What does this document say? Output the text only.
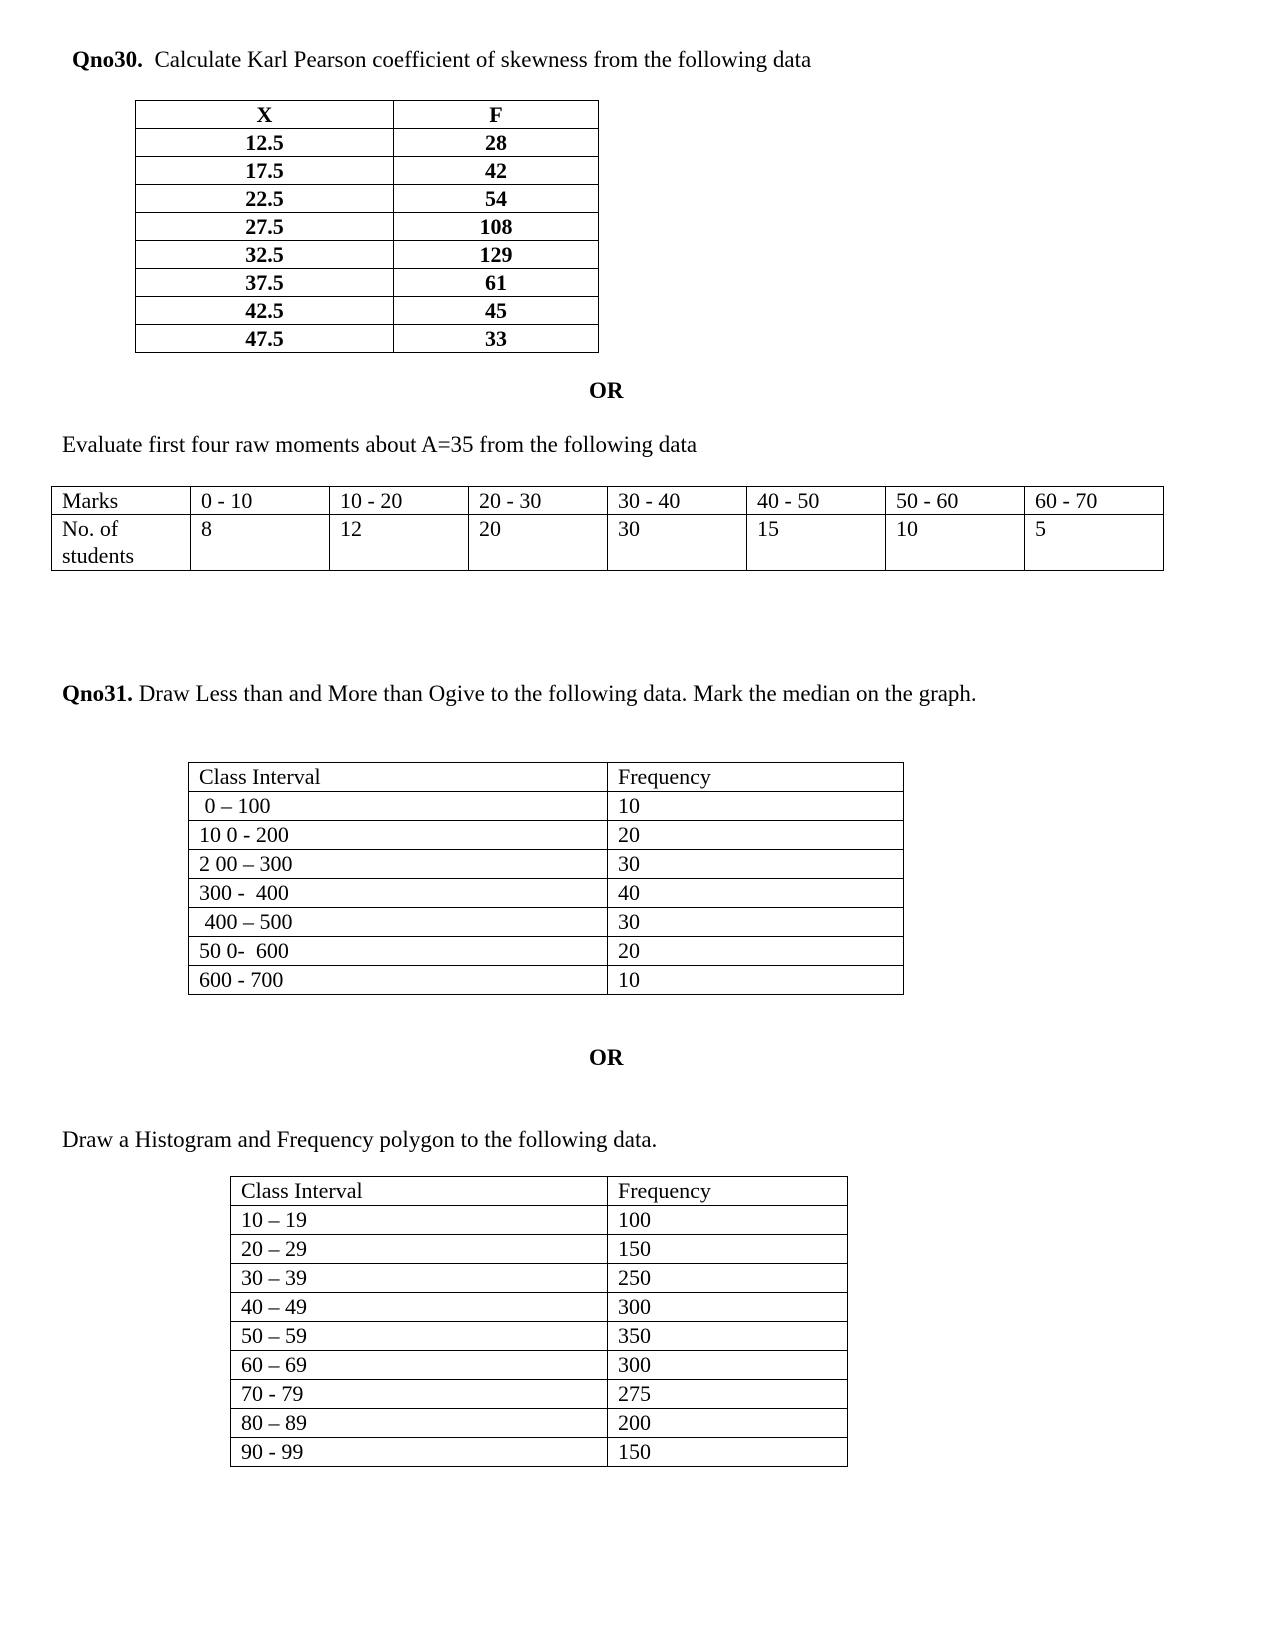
Qno30. Calculate Karl Pearson coefficient of skewness from the following data
X	F
12.5	28
17.5	42
22.5	54
27.5	108
32.5	129
37.5	61
42.5	45
47.5	33
OR
Evaluate first four raw moments about A=35 from the following data
Marks	0 - 10	10 - 20	20 - 30	30 - 40	40 - 50	50 - 60	60 - 70
No. of students	8	12	20	30	15	10	5
Qno31. Draw Less than and More than Ogive to the following data. Mark the median on the graph.
Class Interval	Frequency
0 – 100	10
10 0 - 200	20
2 00 – 300	30
300 -  400	40
400 – 500	30
50 0-  600	20
600 - 700	10
OR
Draw a Histogram and Frequency polygon to the following data.
Class Interval	Frequency
10 – 19	100
20 – 29	150
30 – 39	250
40 – 49	300
50 – 59	350
60 – 69	300
70 - 79	275
80 – 89	200
90 - 99	150
